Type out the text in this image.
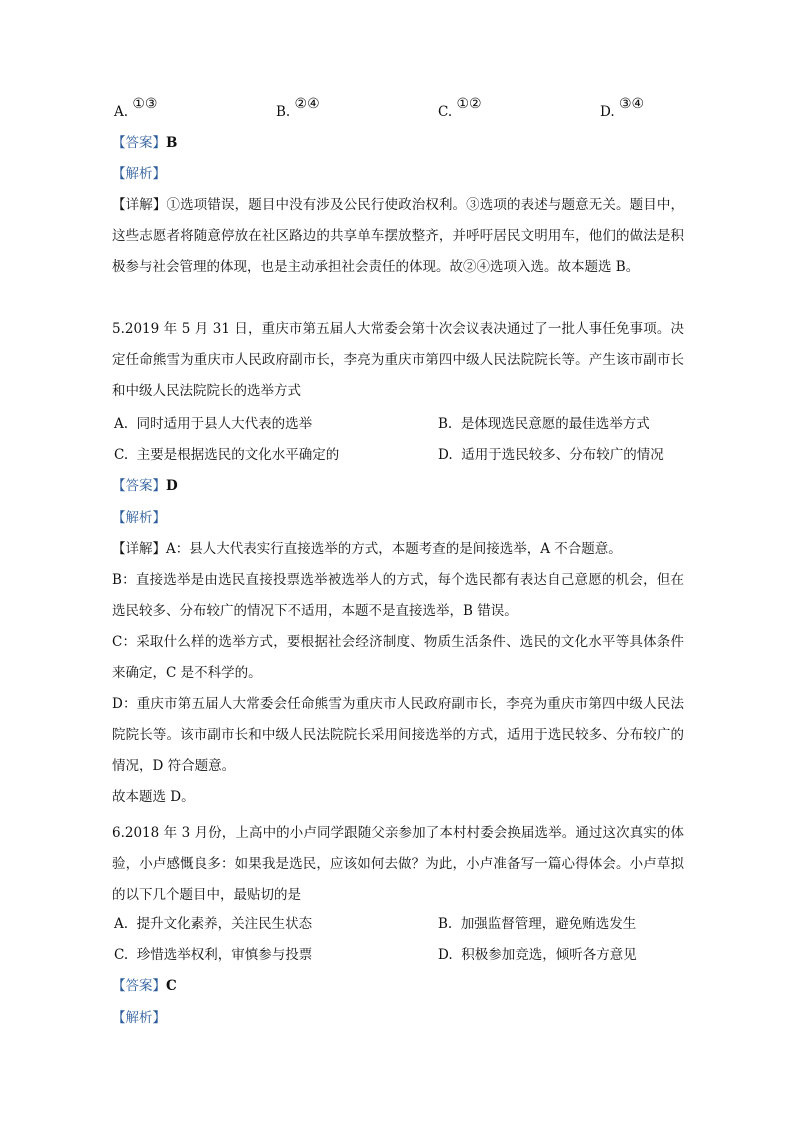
A. ①③	B. ②④	C. ①②	D. ③④
【答案】B
【解析】
【详解】①选项错误，题目中没有涉及公民行使政治权利。③选项的表述与题意无关。题目中，这些志愿者将随意停放在社区路边的共享单车摆放整齐，并呼吁居民文明用车，他们的做法是积极参与社会管理的体现，也是主动承担社会责任的体现。故②④选项入选。故本题选 B。
5.2019 年 5 月 31 日，重庆市第五届人大常委会第十次会议表决通过了一批人事任免事项。决定任命熊雪为重庆市人民政府副市长，李亮为重庆市第四中级人民法院院长等。产生该市副市长和中级人民法院院长的选举方式
A. 同时适用于县人大代表的选举	B. 是体现选民意愿的最佳选举方式
C. 主要是根据选民的文化水平确定的	D. 适用于选民较多、分布较广的情况
【答案】D
【解析】
【详解】A：县人大代表实行直接选举的方式，本题考查的是间接选举，A 不合题意。
B：直接选举是由选民直接投票选举被选举人的方式，每个选民都有表达自己意愿的机会，但在选民较多、分布较广的情况下不适用，本题不是直接选举，B 错误。
C：采取什么样的选举方式，要根据社会经济制度、物质生活条件、选民的文化水平等具体条件来确定，C 是不科学的。
D：重庆市第五届人大常委会任命熊雪为重庆市人民政府副市长，李亮为重庆市第四中级人民法院院长等。该市副市长和中级人民法院院长采用间接选举的方式，适用于选民较多、分布较广的情况，D 符合题意。
故本题选 D。
6.2018 年 3 月份，上高中的小卢同学跟随父亲参加了本村村委会换届选举。通过这次真实的体验，小卢感慨良多：如果我是选民，应该如何去做？为此，小卢准备写一篇心得体会。小卢草拟的以下几个题目中，最贴切的是
A. 提升文化素养，关注民生状态	B. 加强监督管理，避免贿选发生
C. 珍惜选举权利，审慎参与投票	D. 积极参加竞选，倾听各方意见
【答案】C
【解析】
